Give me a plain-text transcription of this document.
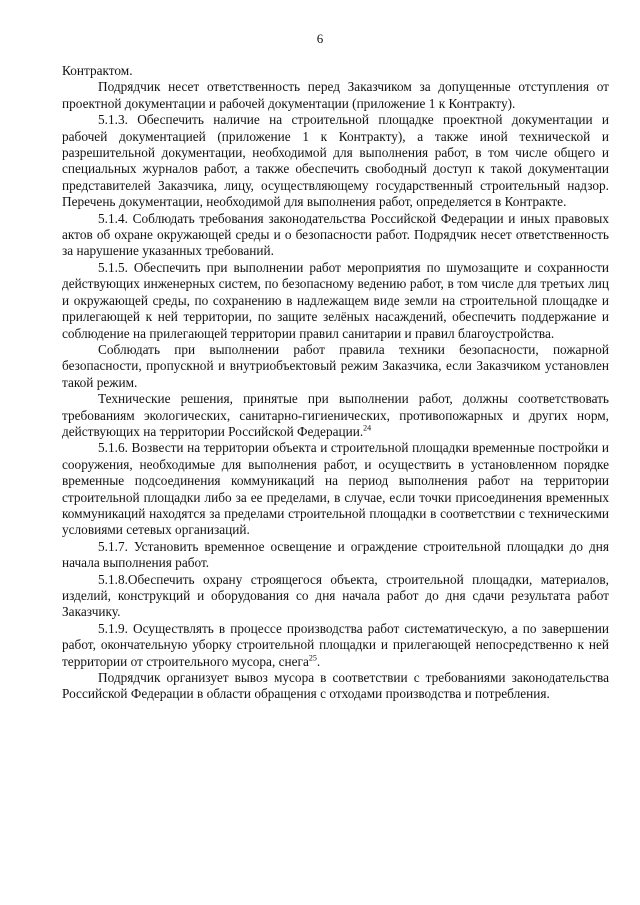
6

Контрактом.

Подрядчик несет ответственность перед Заказчиком за допущенные отступления от проектной документации и рабочей документации (приложение 1 к Контракту).

5.1.3. Обеспечить наличие на строительной площадке проектной документации и рабочей документацией (приложение 1 к Контракту), а также иной технической и разрешительной документации, необходимой для выполнения работ, в том числе общего и специальных журналов работ, а также обеспечить свободный доступ к такой документации представителей Заказчика, лицу, осуществляющему государственный строительный надзор. Перечень документации, необходимой для выполнения работ, определяется в Контракте.

5.1.4. Соблюдать требования законодательства Российской Федерации и иных правовых актов об охране окружающей среды и о безопасности работ. Подрядчик несет ответственность за нарушение указанных требований.

5.1.5. Обеспечить при выполнении работ мероприятия по шумозащите и сохранности действующих инженерных систем, по безопасному ведению работ, в том числе для третьих лиц и окружающей среды, по сохранению в надлежащем виде земли на строительной площадке и прилегающей к ней территории, по защите зелёных насаждений, обеспечить поддержание и соблюдение на прилегающей территории правил санитарии и правил благоустройства.

Соблюдать при выполнении работ правила техники безопасности, пожарной безопасности, пропускной и внутриобъектовый режим Заказчика, если Заказчиком установлен такой режим.

Технические решения, принятые при выполнении работ, должны соответствовать требованиям экологических, санитарно-гигиенических, противопожарных и других норм, действующих на территории Российской Федерации.$^{24}$

5.1.6. Возвести на территории объекта и строительной площадки временные постройки и сооружения, необходимые для выполнения работ, и осуществить в установленном порядке временные подсоединения коммуникаций на период выполнения работ на территории строительной площадки либо за ее пределами, в случае, если точки присоединения временных коммуникаций находятся за пределами строительной площадки в соответствии с техническими условиями сетевых организаций.

5.1.7. Установить временное освещение и ограждение строительной площадки до дня начала выполнения работ.

5.1.8.Обеспечить охрану строящегося объекта, строительной площадки, материалов, изделий, конструкций и оборудования со дня начала работ до дня сдачи результата работ Заказчику.

5.1.9. Осуществлять в процессе производства работ систематическую, а по завершении работ, окончательную уборку строительной площадки и прилегающей непосредственно к ней территории от строительного мусора, снега$^{25}$.

Подрядчик организует вывоз мусора в соответствии с требованиями законодательства Российской Федерации в области обращения с отходами производства и потребления.
